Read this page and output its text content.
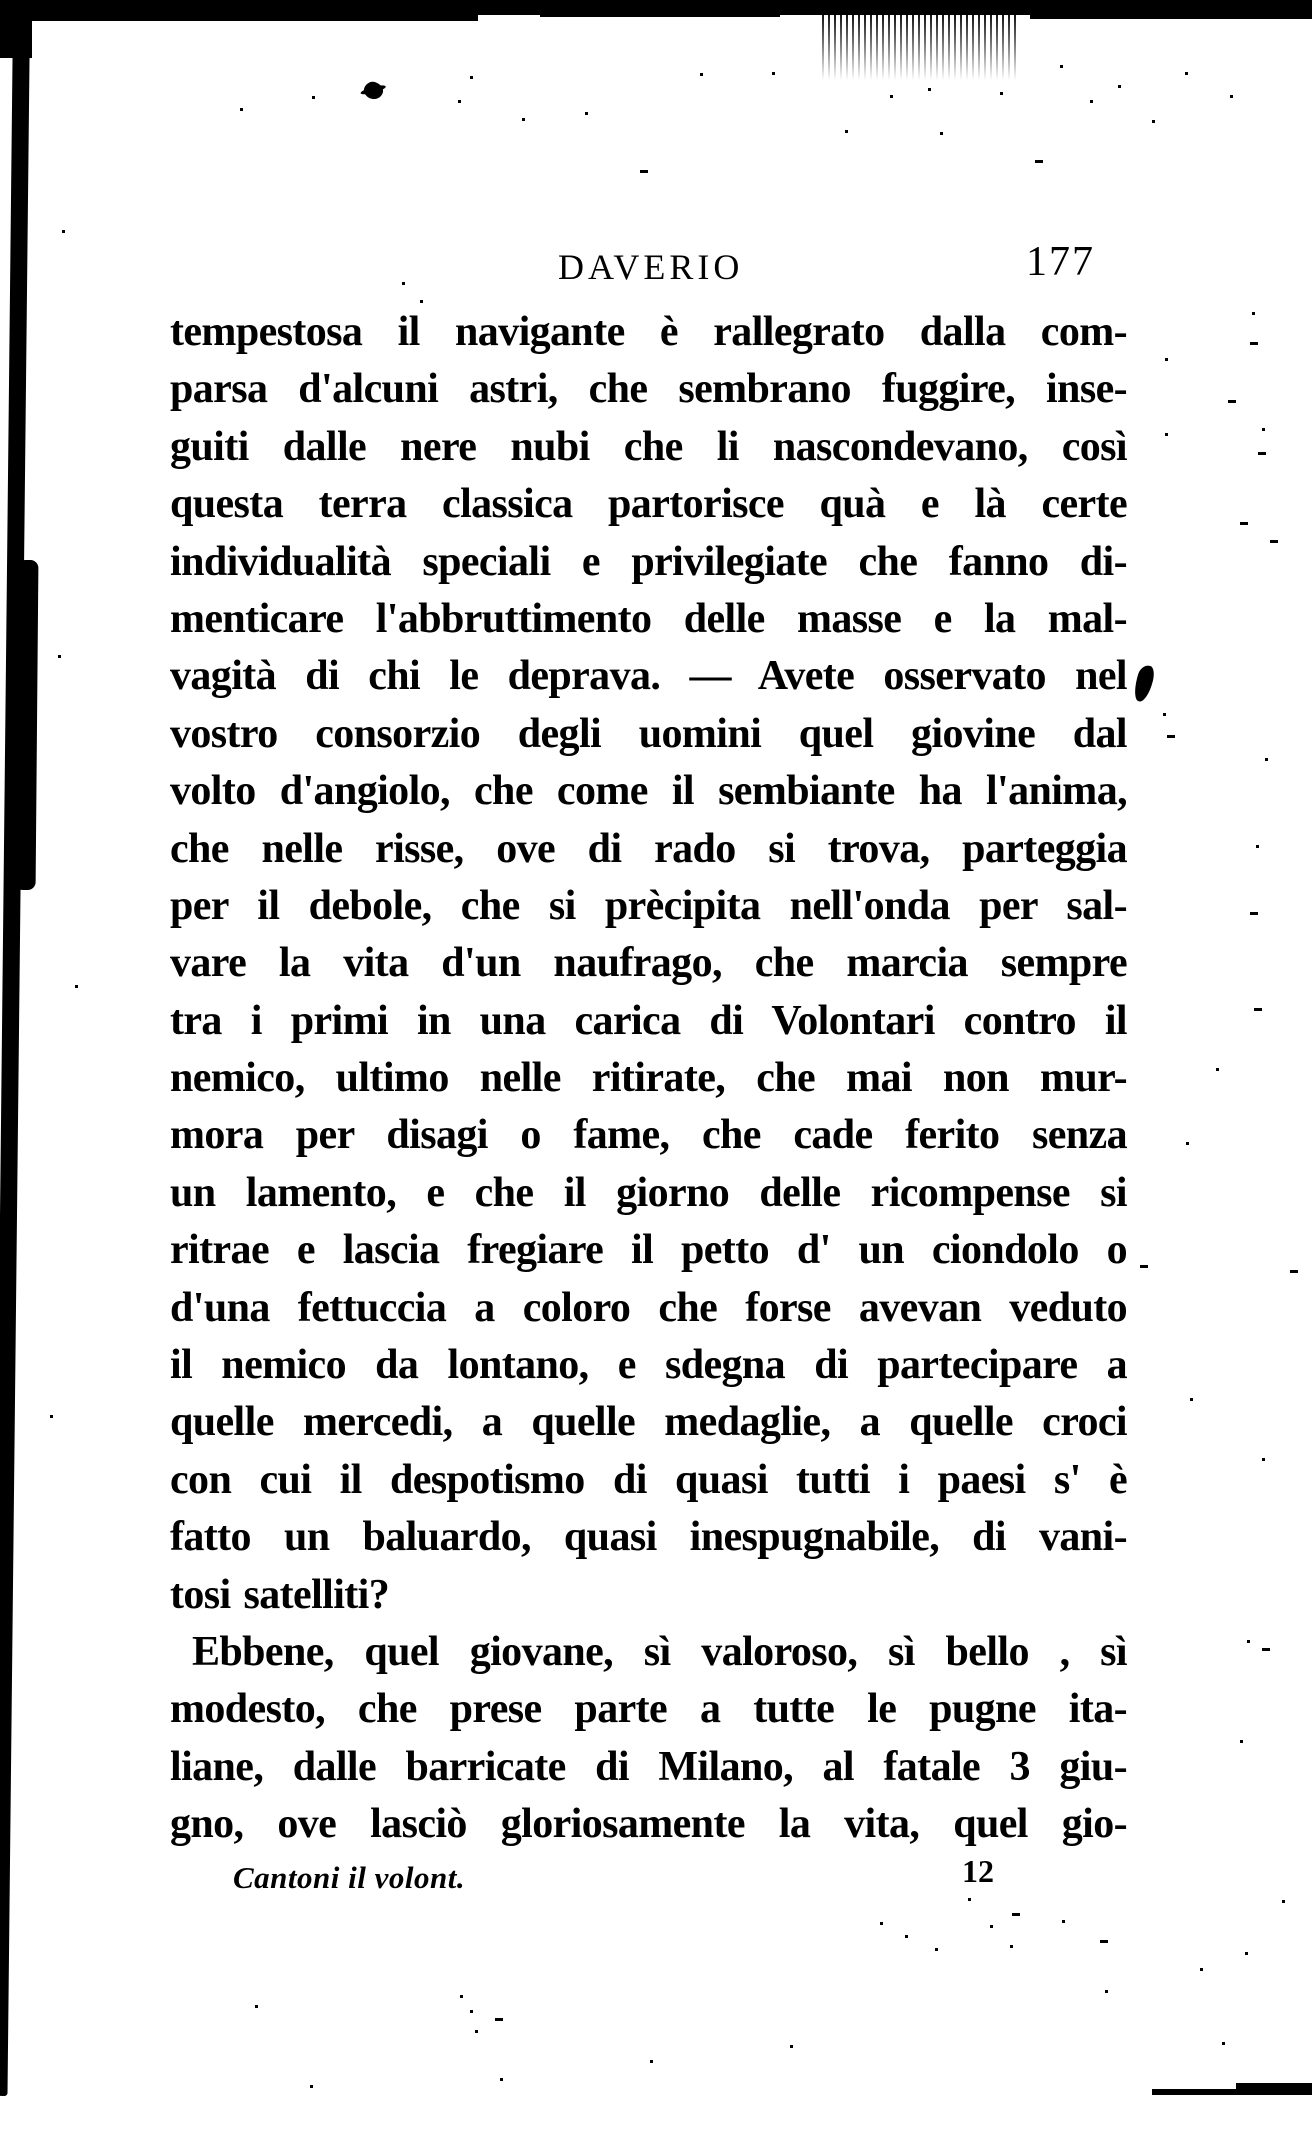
DAVERIO	177
tempestosa il navigante è rallegrato dalla com-
parsa d'alcuni astri, che sembrano fuggire, inse-
guiti dalle nere nubi che li nascondevano, così
questa terra classica partorisce quà e là certe
individualità speciali e privilegiate che fanno di-
menticare l'abbruttimento delle masse e la mal-
vagità di chi le deprava. — Avete osservato nel
vostro consorzio degli uomini quel giovine dal
volto d'angiolo, che come il sembiante ha l'anima,
che nelle risse, ove di rado si trova, parteggia
per il debole, che si prècipita nell'onda per sal-
vare la vita d'un naufrago, che marcia sempre
tra i primi in una carica di Volontari contro il
nemico, ultimo nelle ritirate, che mai non mur-
mora per disagi o fame, che cade ferito senza
un lamento, e che il giorno delle ricompense si
ritrae e lascia fregiare il petto d' un ciondolo o
d'una fettuccia a coloro che forse avevan veduto
il nemico da lontano, e sdegna di partecipare a
quelle mercedi, a quelle medaglie, a quelle croci
con cui il despotismo di quasi tutti i paesi s' è
fatto un baluardo, quasi inespugnabile, di vani-
tosi satelliti?
Ebbene, quel giovane, sì valoroso, sì bello , sì
modesto, che prese parte a tutte le pugne ita-
liane, dalle barricate di Milano, al fatale 3 giu-
gno, ove lasciò gloriosamente la vita, quel gio-
Cantoni il volont.	12
